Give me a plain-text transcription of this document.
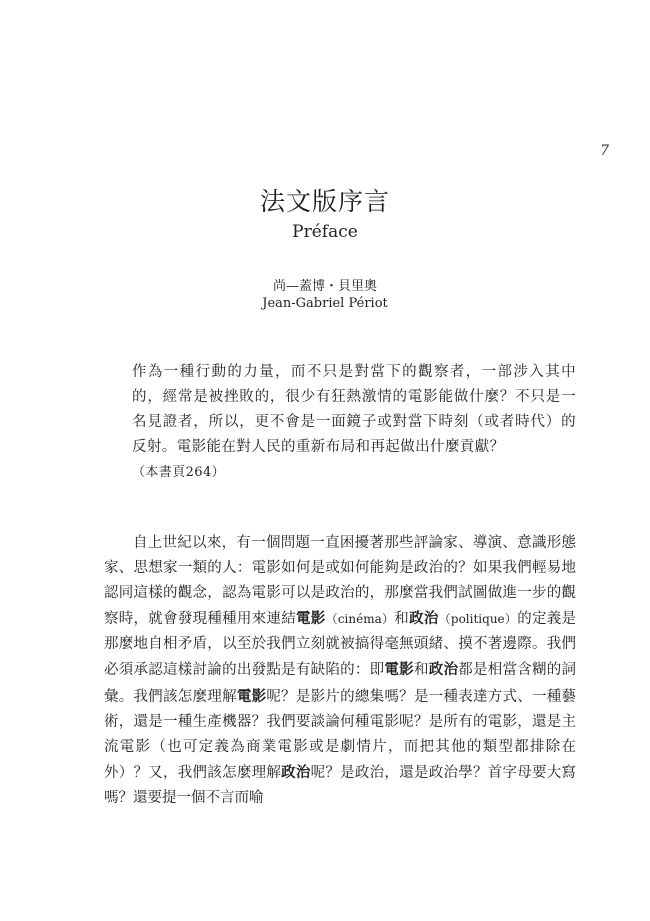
7
法文版序言
Préface
尚—蓋博・貝里奧
Jean-Gabriel Périot

作為一種行動的力量，而不只是對當下的觀察者，一部涉入其中的，經常是被挫敗的，很少有狂熱激情的電影能做什麼？不只是一名見證者，所以，更不會是一面鏡子或對當下時刻（或者時代）的反射。電影能在對人民的重新布局和再起做出什麼貢獻？
（本書頁264）

自上世紀以來，有一個問題一直困擾著那些評論家、導演、意識形態家、思想家一類的人：電影如何是或如何能夠是政治的？如果我們輕易地認同這樣的觀念，認為電影可以是政治的，那麼當我們試圖做進一步的觀察時，就會發現種種用來連結電影（cinéma）和政治（politique）的定義是那麼地自相矛盾，以至於我們立刻就被搞得毫無頭緒、摸不著邊際。我們必須承認這樣討論的出發點是有缺陷的：即電影和政治都是相當含糊的詞彙。我們該怎麼理解電影呢？是影片的總集嗎？是一種表達方式、一種藝術，還是一種生產機器？我們要談論何種電影呢？是所有的電影，還是主流電影（也可定義為商業電影或是劇情片，而把其他的類型都排除在外）？又，我們該怎麼理解政治呢？是政治，還是政治學？首字母要大寫嗎？還要提一個不言而喻
